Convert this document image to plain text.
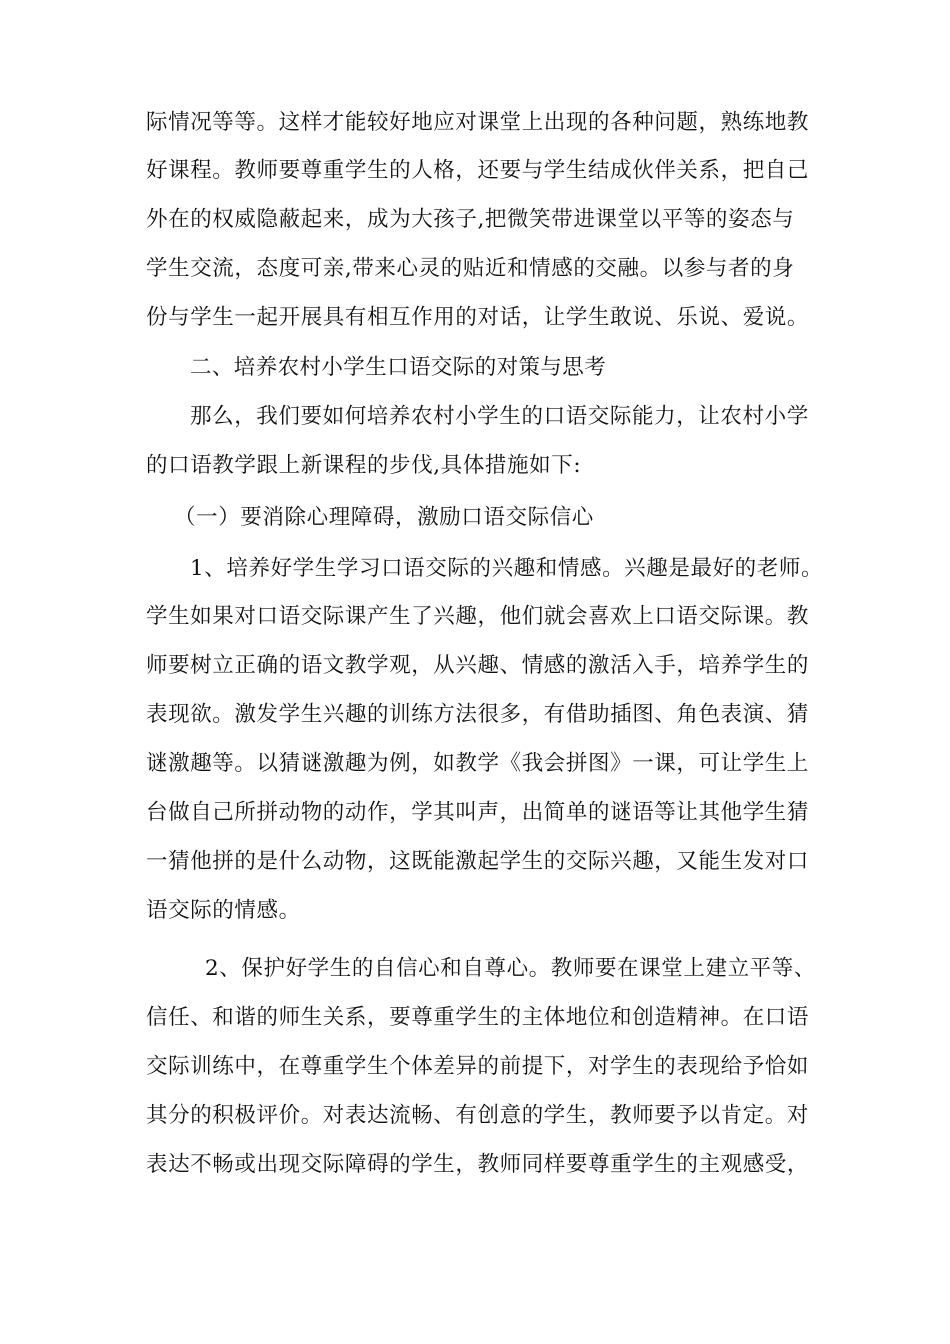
际情况等等。这样才能较好地应对课堂上出现的各种问题，熟练地教
好课程。教师要尊重学生的人格，还要与学生结成伙伴关系，把自己
外在的权威隐蔽起来，成为大孩子,把微笑带进课堂以平等的姿态与
学生交流，态度可亲,带来心灵的贴近和情感的交融。以参与者的身
份与学生一起开展具有相互作用的对话，让学生敢说、乐说、爱说。
二、培养农村小学生口语交际的对策与思考
那么，我们要如何培养农村小学生的口语交际能力，让农村小学
的口语教学跟上新课程的步伐,具体措施如下:
（一）要消除心理障碍，激励口语交际信心
1、培养好学生学习口语交际的兴趣和情感。兴趣是最好的老师。
学生如果对口语交际课产生了兴趣，他们就会喜欢上口语交际课。教
师要树立正确的语文教学观，从兴趣、情感的激活入手，培养学生的
表现欲。激发学生兴趣的训练方法很多，有借助插图、角色表演、猜
谜激趣等。以猜谜激趣为例，如教学《我会拼图》一课，可让学生上
台做自己所拼动物的动作，学其叫声，出简单的谜语等让其他学生猜
一猜他拼的是什么动物，这既能激起学生的交际兴趣，又能生发对口
语交际的情感。
2、保护好学生的自信心和自尊心。教师要在课堂上建立平等、
信任、和谐的师生关系，要尊重学生的主体地位和创造精神。在口语
交际训练中，在尊重学生个体差异的前提下，对学生的表现给予恰如
其分的积极评价。对表达流畅、有创意的学生，教师要予以肯定。对
表达不畅或出现交际障碍的学生，教师同样要尊重学生的主观感受，
